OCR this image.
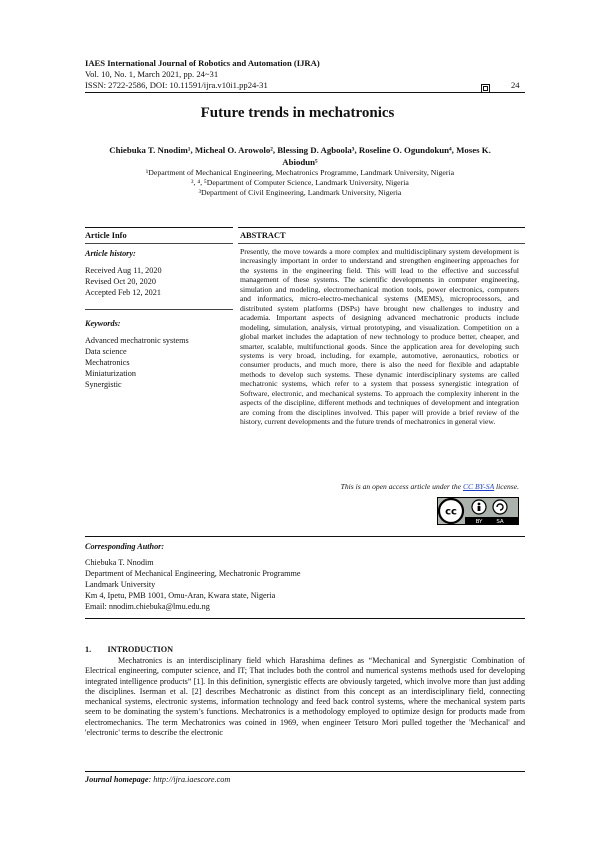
IAES International Journal of Robotics and Automation (IJRA)
Vol. 10, No. 1, March 2021, pp. 24~31
ISSN: 2722-2586, DOI: 10.11591/ijra.v10i1.pp24-31	24
Future trends in mechatronics
Chiebuka T. Nnodim¹, Micheal O. Arowolo², Blessing D. Agboola³, Roseline O. Ogundokun⁴, Moses K.
Abiodun⁵
¹Department of Mechanical Engineering, Mechatronics Programme, Landmark University, Nigeria
², ⁴, ⁵Department of Computer Science, Landmark University, Nigeria
³Department of Civil Engineering, Landmark University, Nigeria
Article Info	ABSTRACT
Article history:
Received Aug 11, 2020
Revised Oct 20, 2020
Accepted Feb 12, 2021
Keywords:
Advanced mechatronic systems
Data science
Mechatronics
Miniaturization
Synergistic
Presently, the move towards a more complex and multidisciplinary system development is increasingly important in order to understand and strengthen engineering approaches for the systems in the engineering field. This will lead to the effective and successful management of these systems. The scientific developments in computer engineering, simulation and modeling, electromechanical motion tools, power electronics, computers and informatics, micro-electro-mechanical systems (MEMS), microprocessors, and distributed system platforms (DSPs) have brought new challenges to industry and academia. Important aspects of designing advanced mechatronic products include modeling, simulation, analysis, virtual prototyping, and visualization. Competition on a global market includes the adaptation of new technology to produce better, cheaper, and smarter, scalable, multifunctional goods. Since the application area for developing such systems is very broad, including, for example, automotive, aeronautics, robotics or consumer products, and much more, there is also the need for flexible and adaptable methods to develop such systems. These dynamic interdisciplinary systems are called mechatronic systems, which refer to a system that possess synergistic integration of Software, electronic, and mechanical systems. To approach the complexity inherent in the aspects of the discipline, different methods and techniques of development and integration are coming from the disciplines involved. This paper will provide a brief review of the history, current developments and the future trends of mechatronics in general view.
This is an open access article under the CC BY-SA license.
cc
BY	SA
Corresponding Author:
Chiebuka T. Nnodim
Department of Mechanical Engineering, Mechatronic Programme
Landmark University
Km 4, Ipetu, PMB 1001, Omu-Aran, Kwara state, Nigeria
Email: nnodim.chiebuka@lmu.edu.ng
1.  INTRODUCTION
Mechatronics is an interdisciplinary field which Harashima defines as “Mechanical and Synergistic Combination of Electrical engineering, computer science, and IT; That includes both the control and numerical systems methods used for developing integrated intelligence products” [1]. In this definition, synergistic effects are obviously targeted, which involve more than just adding the disciplines. Iserman et al. [2] describes Mechatronic as distinct from this concept as an interdisciplinary field, connecting mechanical systems, electronic systems, information technology and feed back control systems, where the mechanical system parts seem to be dominating the system’s functions. Mechatronics is a methodology employed to optimize design for products made from electromechanics. The term Mechatronics was coined in 1969, when engineer Tetsuro Mori pulled together the 'Mechanical' and 'electronic' terms to describe the electronic
Journal homepage: http://ijra.iaescore.com
